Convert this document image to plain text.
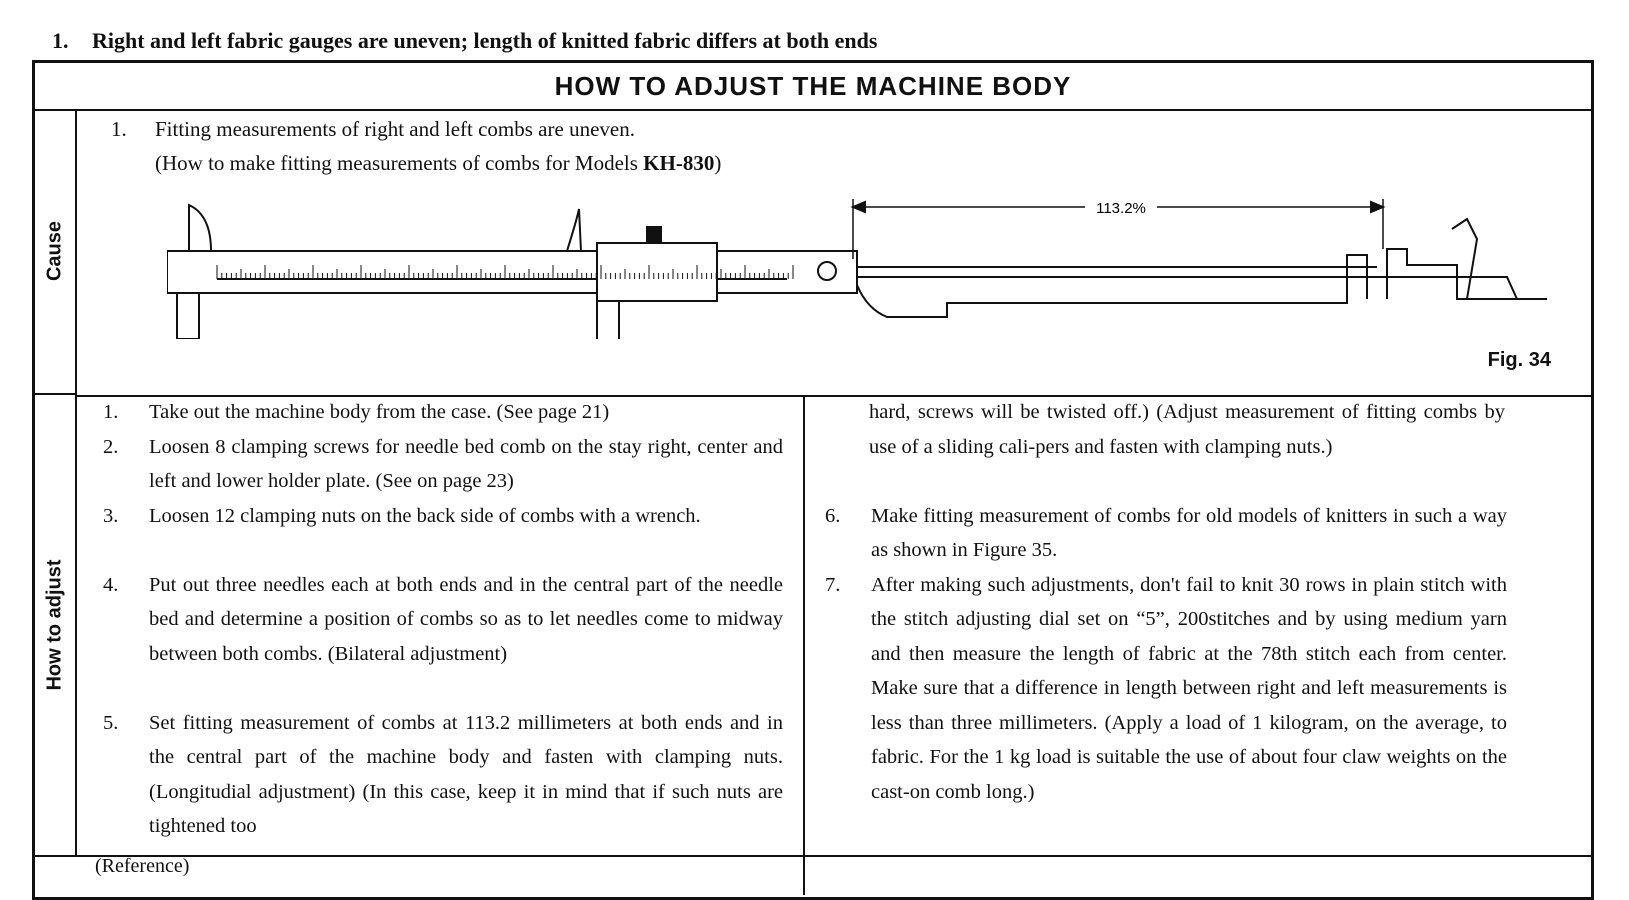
1. Right and left fabric gauges are uneven; length of knitted fabric differs at both ends
HOW TO ADJUST THE MACHINE BODY
Cause
1. Fitting measurements of right and left combs are uneven.
(How to make fitting measurements of combs for Models KH-830)
113.2%
Fig. 34
How to adjust
1. Take out the machine body from the case. (See page 21)
2. Loosen 8 clamping screws for needle bed comb on the stay right, center and left and lower holder plate. (See on page 23)
3. Loosen 12 clamping nuts on the back side of combs with a wrench.
4. Put out three needles each at both ends and in the central part of the needle bed and determine a position of combs so as to let needles come to midway between both combs. (Bilateral adjustment)
5. Set fitting measurement of combs at 113.2 millimeters at both ends and in the central part of the machine body and fasten with clamping nuts. (Longitudial adjustment) (In this case, keep it in mind that if such nuts are tightened too
hard, screws will be twisted off.) (Adjust measurement of fitting combs by use of a sliding cali-pers and fasten with clamping nuts.)
6. Make fitting measurement of combs for old models of knitters in such a way as shown in Figure 35.
7. After making such adjustments, don't fail to knit 30 rows in plain stitch with the stitch adjusting dial set on “5”, 200stitches and by using medium yarn and then measure the length of fabric at the 78th stitch each from center. Make sure that a difference in length between right and left measurements is less than three millimeters. (Apply a load of 1 kilogram, on the average, to fabric. For the 1 kg load is suitable the use of about four claw weights on the cast-on comb long.)
(Reference)
